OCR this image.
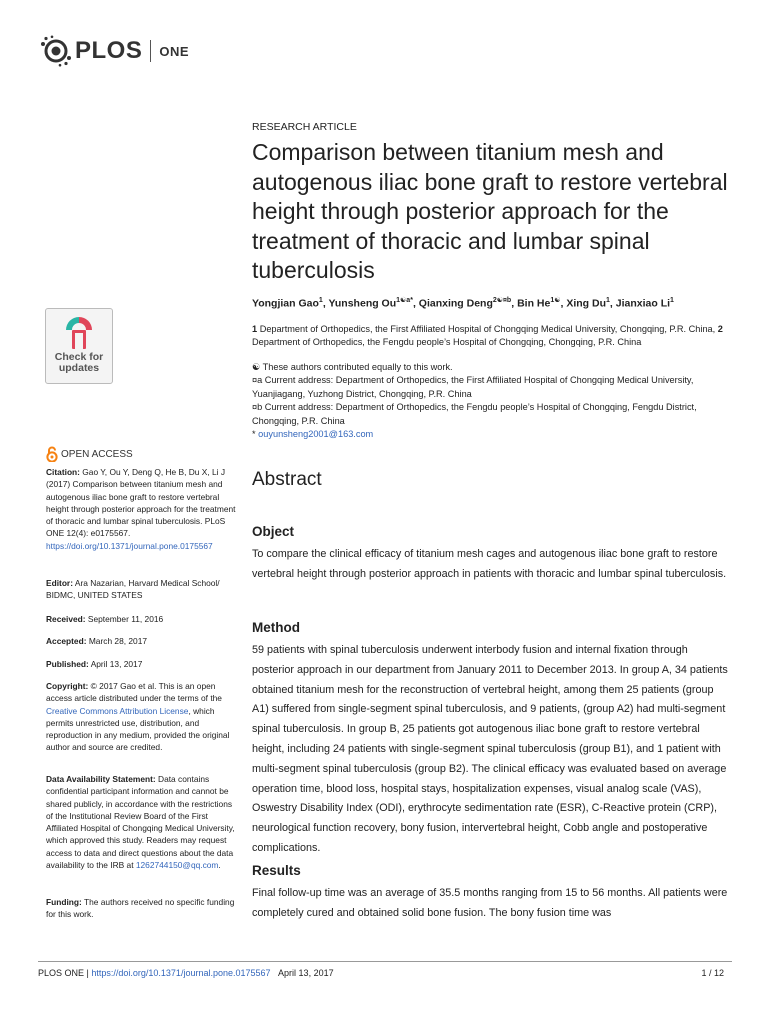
PLOS ONE
RESEARCH ARTICLE
Comparison between titanium mesh and autogenous iliac bone graft to restore vertebral height through posterior approach for the treatment of thoracic and lumbar spinal tuberculosis
Yongjian Gao$^1$, Yunsheng $Ou^{1☯a*}$, Qianxing Deng$^{2☯¤b}$, Bin $He^{1☯}$, Xing Du$^1$, Jianxiao Li$^1$
1 Department of Orthopedics, the First Affiliated Hospital of Chongqing Medical University, Chongqing, P.R. China, 2 Department of Orthopedics, the Fengdu people’s Hospital of Chongqing, Chongqing, P.R. China
☯ These authors contributed equally to this work.
¤a Current address: Department of Orthopedics, the First Affiliated Hospital of Chongqing Medical University, Yuanjiagang, Yuzhong District, Chongqing, P.R. China
¤b Current address: Department of Orthopedics, the Fengdu people’s Hospital of Chongqing, Fengdu District, Chongqing, P.R. China
* ouyunsheng2001@163.com
Check for
updates
OPEN ACCESS
Citation: Gao Y, Ou Y, Deng Q, He B, Du X, Li J (2017) Comparison between titanium mesh and autogenous iliac bone graft to restore vertebral height through posterior approach for the treatment of thoracic and lumbar spinal tuberculosis. PLoS ONE 12(4): e0175567. https://doi.org/10.1371/journal.pone.0175567
Editor: Ara Nazarian, Harvard Medical School/ BIDMC, UNITED STATES
Received: September 11, 2016
Accepted: March 28, 2017
Published: April 13, 2017
Copyright: © 2017 Gao et al. This is an open access article distributed under the terms of the Creative Commons Attribution License, which permits unrestricted use, distribution, and reproduction in any medium, provided the original author and source are credited.
Data Availability Statement: Data contains confidential participant information and cannot be shared publicly, in accordance with the restrictions of the Institutional Review Board of the First Affiliated Hospital of Chongqing Medical University, which approved this study. Readers may request access to data and direct questions about the data availability to the IRB at 1262744150@qq.com.
Funding: The authors received no specific funding for this work.
Abstract
Object

To compare the clinical efficacy of titanium mesh cages and autogenous iliac bone graft to restore vertebral height through posterior approach in patients with thoracic and lumbar spinal tuberculosis.

Method

59 patients with spinal tuberculosis underwent interbody fusion and internal fixation through posterior approach in our department from January 2011 to December 2013. In group A, 34 patients obtained titanium mesh for the reconstruction of vertebral height, among them 25 patients (group A1) suffered from single-segment spinal tuberculosis, and 9 patients, (group A2) had multi-segment spinal tuberculosis. In group B, 25 patients got autogenous iliac bone graft to restore vertebral height, including 24 patients with single-segment spinal tuberculosis (group B1), and 1 patient with multi-segment spinal tuberculosis (group B2). The clinical efficacy was evaluated based on average operation time, blood loss, hospital stays, hospitalization expenses, visual analog scale (VAS), Oswestry Disability Index (ODI), erythrocyte sedimentation rate (ESR), C-Reactive protein (CRP), neurological function recovery, bony fusion, intervertebral height, Cobb angle and postoperative complications.

Results

Final follow-up time was an average of 35.5 months ranging from 15 to 56 months. All patients were completely cured and obtained solid bone fusion. The bony fusion time was

PLOS ONE | https://doi.org/10.1371/journal.pone.0175567 April 13, 2017	1 / 12
